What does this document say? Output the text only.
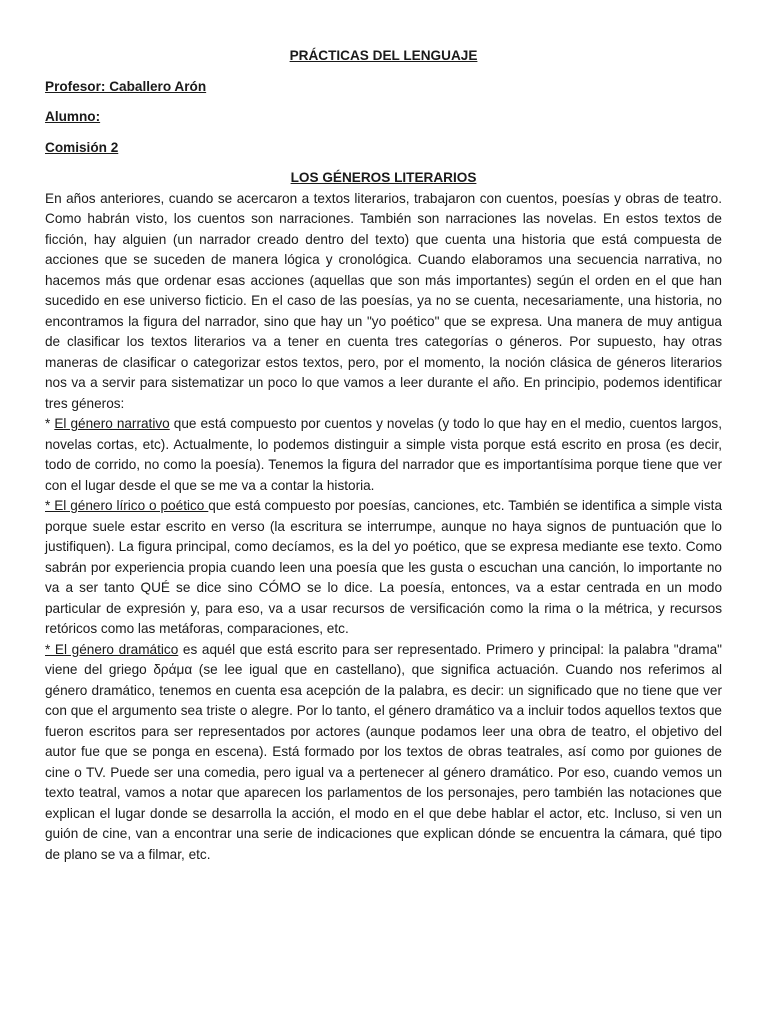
PRÁCTICAS DEL LENGUAJE

Profesor: Caballero Arón

Alumno:

Comisión 2

LOS GÉNEROS LITERARIOS

En años anteriores, cuando se acercaron a textos literarios, trabajaron con cuentos, poesías y obras de teatro. Como habrán visto, los cuentos son narraciones. También son narraciones las novelas. En estos textos de ficción, hay alguien (un narrador creado dentro del texto) que cuenta una historia que está compuesta de acciones que se suceden de manera lógica y cronológica. Cuando elaboramos una secuencia narrativa, no hacemos más que ordenar esas acciones (aquellas que son más importantes) según el orden en el que han sucedido en ese universo ficticio. En el caso de las poesías, ya no se cuenta, necesariamente, una historia, no encontramos la figura del narrador, sino que hay un "yo poético" que se expresa. Una manera de muy antigua de clasificar los textos literarios va a tener en cuenta tres categorías o géneros. Por supuesto, hay otras maneras de clasificar o categorizar estos textos, pero, por el momento, la noción clásica de géneros literarios nos va a servir para sistematizar un poco lo que vamos a leer durante el año. En principio, podemos identificar tres géneros:

* El género narrativo que está compuesto por cuentos y novelas (y todo lo que hay en el medio, cuentos largos, novelas cortas, etc). Actualmente, lo podemos distinguir a simple vista porque está escrito en prosa (es decir, todo de corrido, no como la poesía). Tenemos la figura del narrador que es importantísima porque tiene que ver con el lugar desde el que se me va a contar la historia.

* El género lírico o poético que está compuesto por poesías, canciones, etc. También se identifica a simple vista porque suele estar escrito en verso (la escritura se interrumpe, aunque no haya signos de puntuación que lo justifiquen). La figura principal, como decíamos, es la del yo poético, que se expresa mediante ese texto. Como sabrán por experiencia propia cuando leen una poesía que les gusta o escuchan una canción, lo importante no va a ser tanto QUÉ se dice sino CÓMO se lo dice. La poesía, entonces, va a estar centrada en un modo particular de expresión y, para eso, va a usar recursos de versificación como la rima o la métrica, y recursos retóricos como las metáforas, comparaciones, etc.

* El género dramático es aquél que está escrito para ser representado. Primero y principal: la palabra "drama" viene del griego δράμα (se lee igual que en castellano), que significa actuación. Cuando nos referimos al género dramático, tenemos en cuenta esa acepción de la palabra, es decir: un significado que no tiene que ver con que el argumento sea triste o alegre. Por lo tanto, el género dramático va a incluir todos aquellos textos que fueron escritos para ser representados por actores (aunque podamos leer una obra de teatro, el objetivo del autor fue que se ponga en escena). Está formado por los textos de obras teatrales, así como por guiones de cine o TV. Puede ser una comedia, pero igual va a pertenecer al género dramático. Por eso, cuando vemos un texto teatral, vamos a notar que aparecen los parlamentos de los personajes, pero también las notaciones que explican el lugar donde se desarrolla la acción, el modo en el que debe hablar el actor, etc. Incluso, si ven un guión de cine, van a encontrar una serie de indicaciones que explican dónde se encuentra la cámara, qué tipo de plano se va a filmar, etc.
